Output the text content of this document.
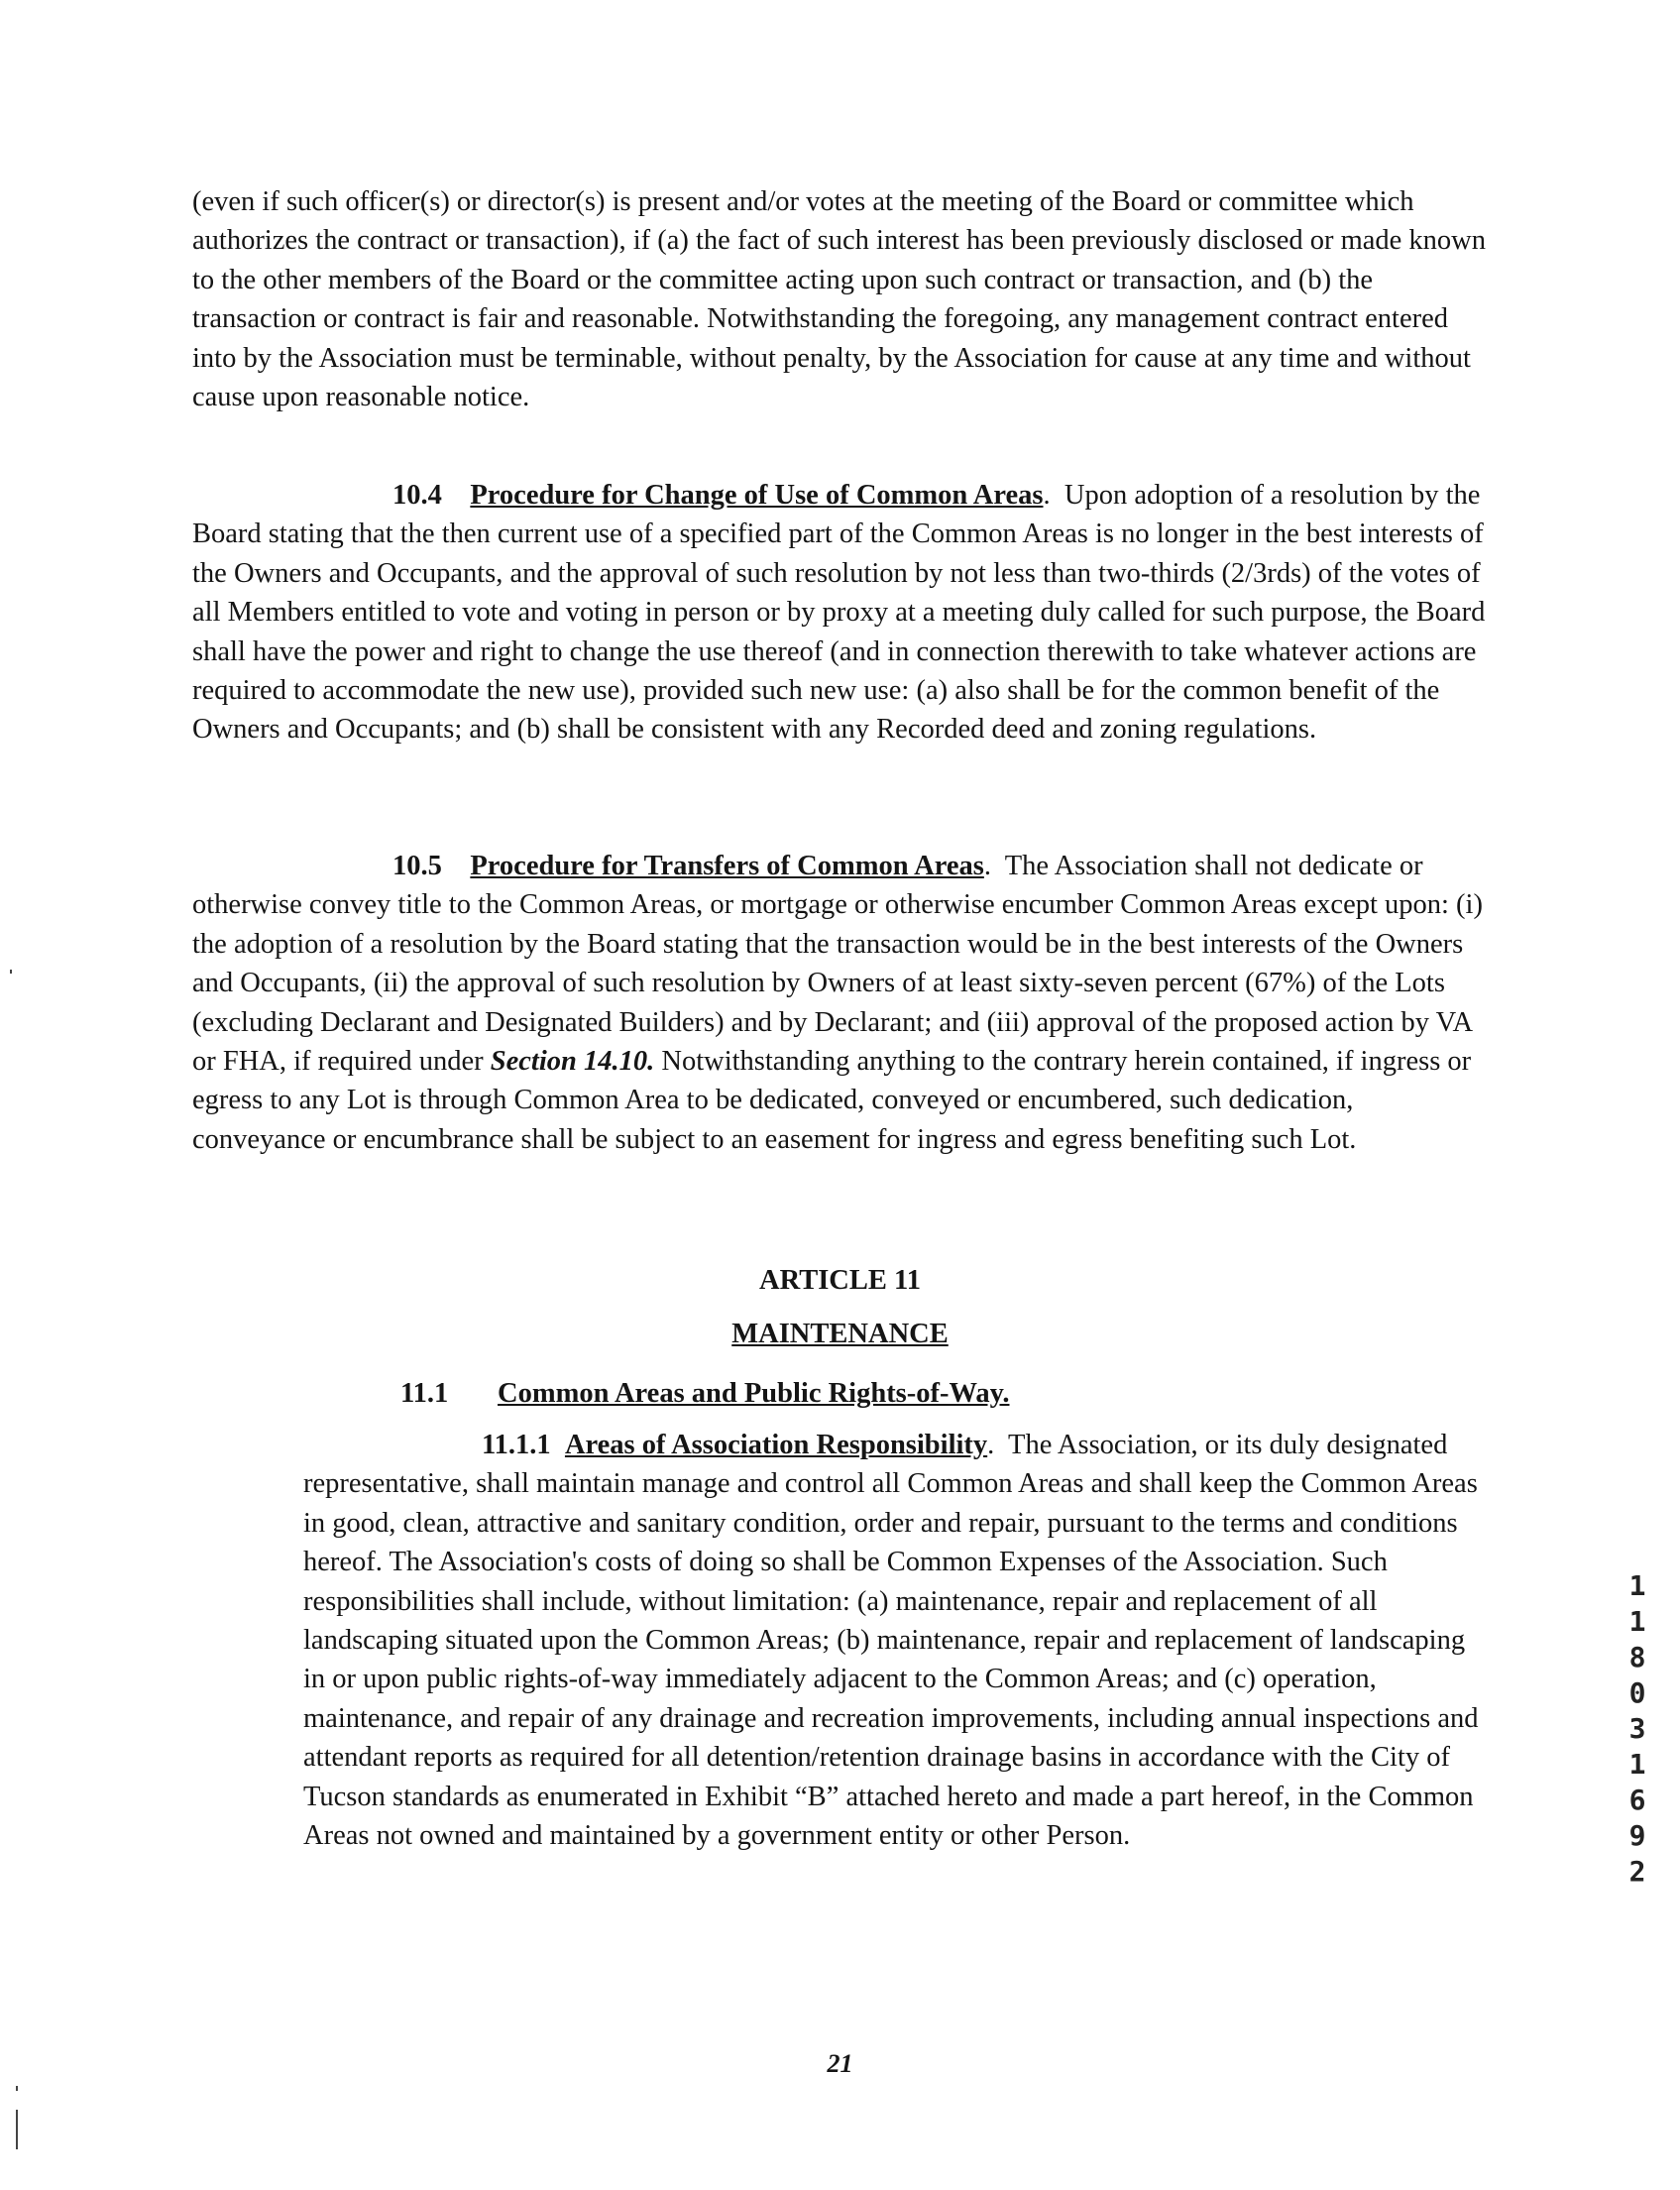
(even if such officer(s) or director(s) is present and/or votes at the meeting of the Board or committee which authorizes the contract or transaction), if (a) the fact of such interest has been previously disclosed or made known to the other members of the Board or the committee acting upon such contract or transaction, and (b) the transaction or contract is fair and reasonable. Notwithstanding the foregoing, any management contract entered into by the Association must be terminable, without penalty, by the Association for cause at any time and without cause upon reasonable notice.

10.4 Procedure for Change of Use of Common Areas.  Upon adoption of a resolution by the Board stating that the then current use of a specified part of the Common Areas is no longer in the best interests of the Owners and Occupants, and the approval of such resolution by not less than two-thirds (2/3rds) of the votes of all Members entitled to vote and voting in person or by proxy at a meeting duly called for such purpose, the Board shall have the power and right to change the use thereof (and in connection therewith to take whatever actions are required to accommodate the new use), provided such new use: (a) also shall be for the common benefit of the Owners and Occupants; and (b) shall be consistent with any Recorded deed and zoning regulations.

10.5 Procedure for Transfers of Common Areas.  The Association shall not dedicate or otherwise convey title to the Common Areas, or mortgage or otherwise encumber Common Areas except upon: (i) the adoption of a resolution by the Board stating that the transaction would be in the best interests of the Owners and Occupants, (ii) the approval of such resolution by Owners of at least sixty-seven percent (67%) of the Lots (excluding Declarant and Designated Builders) and by Declarant; and (iii) approval of the proposed action by VA or FHA, if required under Section 14.10. Notwithstanding anything to the contrary herein contained, if ingress or egress to any Lot is through Common Area to be dedicated, conveyed or encumbered, such dedication, conveyance or encumbrance shall be subject to an easement for ingress and egress benefiting such Lot.

ARTICLE 11

MAINTENANCE

11.1 Common Areas and Public Rights-of-Way.

11.1.1 Areas of Association Responsibility.  The Association, or its duly designated representative, shall maintain manage and control all Common Areas and shall keep the Common Areas in good, clean, attractive and sanitary condition, order and repair, pursuant to the terms and conditions hereof. The Association's costs of doing so shall be Common Expenses of the Association. Such responsibilities shall include, without limitation: (a) maintenance, repair and replacement of all landscaping situated upon the Common Areas; (b) maintenance, repair and replacement of landscaping in or upon public rights-of-way immediately adjacent to the Common Areas; and (c) operation, maintenance, and repair of any drainage and recreation improvements, including annual inspections and attendant reports as required for all detention/retention drainage basins in accordance with the City of Tucson standards as enumerated in Exhibit “B” attached hereto and made a part hereof, in the Common Areas not owned and maintained by a government entity or other Person.

21

1
1
8
0
3
1
6
9
2
